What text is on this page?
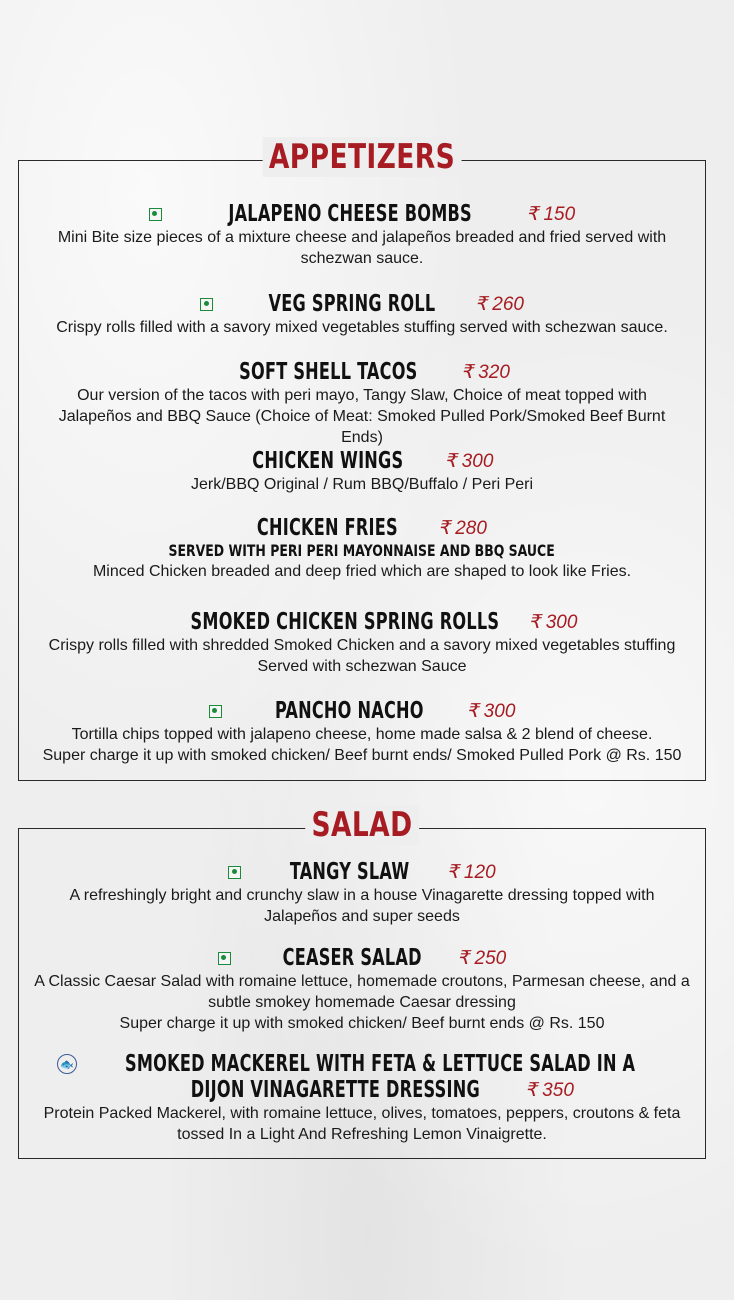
APPETIZERS
JALAPENO CHEESE BOMBS	₹ 150
Mini Bite size pieces of a mixture cheese and jalapeños breaded and fried served with schezwan sauce.
VEG SPRING ROLL ₹ 260
Crispy rolls filled with a savory mixed vegetables stuffing served with schezwan sauce.
SOFT SHELL TACOS ₹ 320
Our version of the tacos with peri mayo, Tangy Slaw, Choice of meat topped with Jalapeños and BBQ Sauce (Choice of Meat: Smoked Pulled Pork/Smoked Beef Burnt Ends)
CHICKEN WINGS ₹ 300
Jerk/BBQ Original / Rum BBQ/Buffalo / Peri Peri
CHICKEN FRIES ₹ 280
SERVED WITH PERI PERI MAYONNAISE AND BBQ SAUCE
Minced Chicken breaded and deep fried which are shaped to look like Fries.
SMOKED CHICKEN SPRING ROLLS ₹ 300
Crispy rolls filled with shredded Smoked Chicken and a savory mixed vegetables stuffing Served with schezwan Sauce
PANCHO NACHO ₹ 300
Tortilla chips topped with jalapeno cheese, home made salsa & 2 blend of cheese.
Super charge it up with smoked chicken/ Beef burnt ends/ Smoked Pulled Pork @ Rs. 150
SALAD
TANGY SLAW ₹ 120
A refreshingly bright and crunchy slaw in a house Vinagarette dressing topped with Jalapeños and super seeds
CEASER SALAD ₹ 250
A Classic Caesar Salad with romaine lettuce, homemade croutons, Parmesan cheese, and a subtle smokey homemade Caesar dressing
Super charge it up with smoked chicken/ Beef burnt ends @ Rs. 150
🐟 SMOKED MACKEREL WITH FETA & LETTUCE SALAD IN A
DIJON VINAGARETTE DRESSING ₹ 350
Protein Packed Mackerel, with romaine lettuce, olives, tomatoes, peppers, croutons & feta tossed In a Light And Refreshing Lemon Vinaigrette.
